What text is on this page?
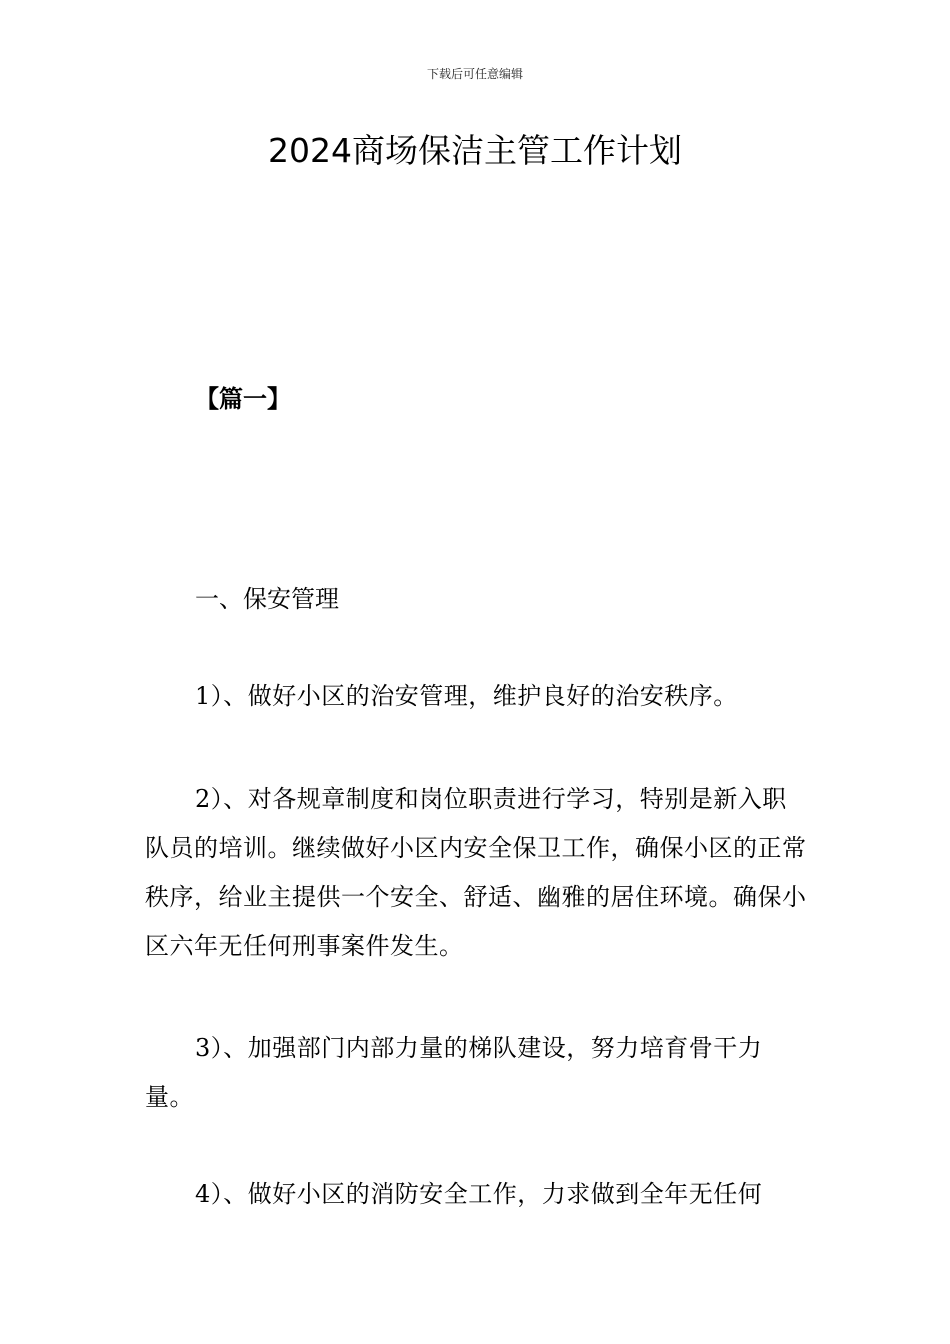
下载后可任意编辑
2024商场保洁主管工作计划
【篇一】
一、保安管理

1）、做好小区的治安管理，维护良好的治安秩序。

2）、对各规章制度和岗位职责进行学习，特别是新入职队员的培训。继续做好小区内安全保卫工作，确保小区的正常秩序，给业主提供一个安全、舒适、幽雅的居住环境。确保小区六年无任何刑事案件发生。

3）、加强部门内部力量的梯队建设，努力培育骨干力量。

4）、做好小区的消防安全工作，力求做到全年无任何
